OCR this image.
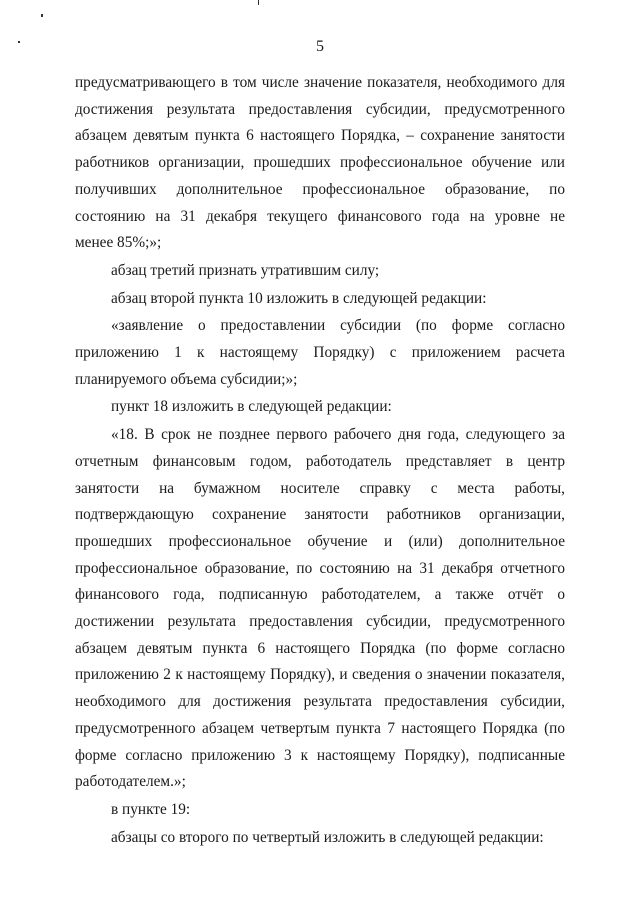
5
предусматривающего в том числе значение показателя, необходимого для
достижения результата предоставления субсидии, предусмотренного
абзацем девятым пункта 6 настоящего Порядка, – сохранение занятости
работников организации, прошедших профессиональное обучение или
получивших дополнительное профессиональное образование, по
состоянию на 31 декабря текущего финансового года на уровне не
менее 85%;»;
абзац третий признать утратившим силу;
абзац второй пункта 10 изложить в следующей редакции:
«заявление о предоставлении субсидии (по форме согласно
приложению 1 к настоящему Порядку) с приложением расчета
планируемого объема субсидии;»;
пункт 18 изложить в следующей редакции:
«18. В срок не позднее первого рабочего дня года, следующего за
отчетным финансовым годом, работодатель представляет в центр
занятости на бумажном носителе справку с места работы,
подтверждающую сохранение занятости работников организации,
прошедших профессиональное обучение и (или) дополнительное
профессиональное образование, по состоянию на 31 декабря отчетного
финансового года, подписанную работодателем, а также отчёт о
достижении результата предоставления субсидии, предусмотренного
абзацем девятым пункта 6 настоящего Порядка (по форме согласно
приложению 2 к настоящему Порядку), и сведения о значении показателя,
необходимого для достижения результата предоставления субсидии,
предусмотренного абзацем четвертым пункта 7 настоящего Порядка (по
форме согласно приложению 3 к настоящему Порядку), подписанные
работодателем.»;
в пункте 19:
абзацы со второго по четвертый изложить в следующей редакции:
